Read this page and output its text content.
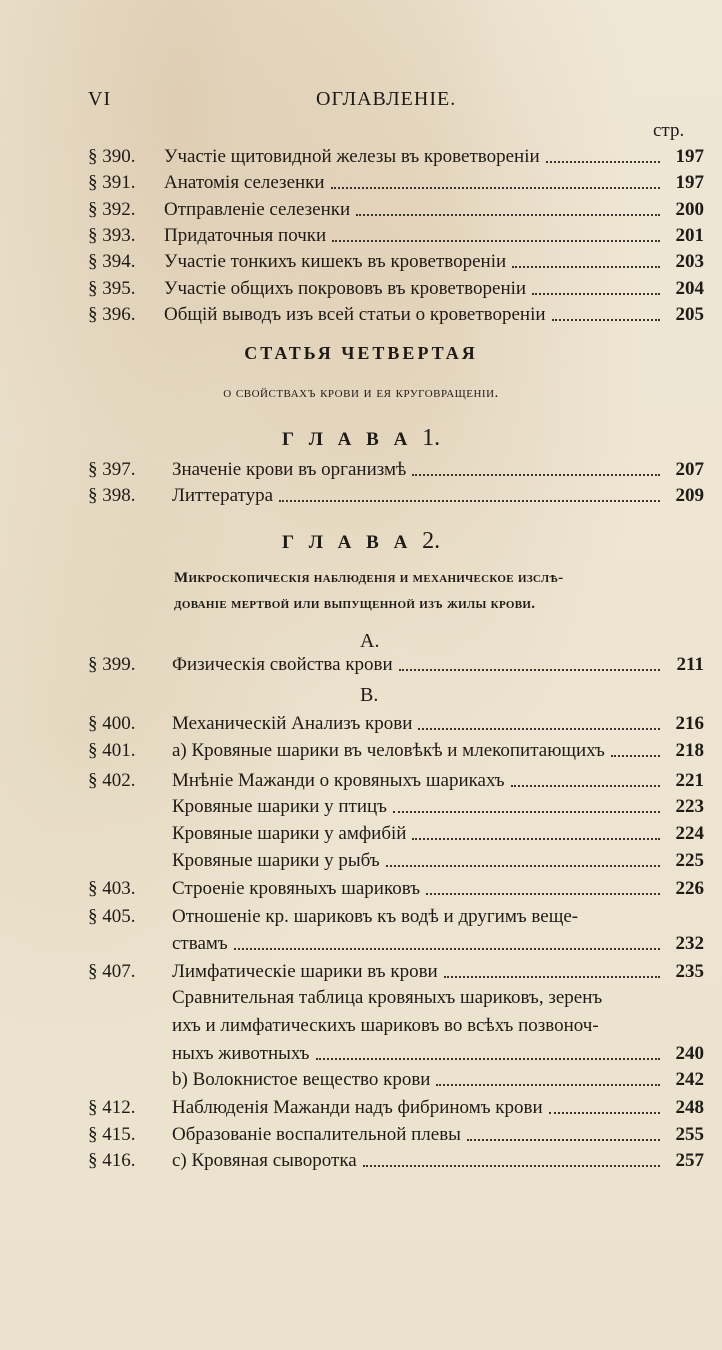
VI	ОГЛАВЛЕНІЕ.
стр.
§ 390. Участіе щитовидной железы въ кроветвореніи	197
§ 391. Анатомія селезенки	197
§ 392. Отправленіе селезенки	200
§ 393. Придаточныя почки	201
§ 394. Участіе тонкихъ кишекъ въ кроветвореніи	203
§ 395. Участіе общихъ покрововъ въ кроветвореніи	204
§ 396. Общій выводъ изъ всей статьи о кроветвореніи	205
СТАТЬЯ ЧЕТВЕРТАЯ
о свойствахъ крови и ея круговращеніи.
Г Л А В А 1.
§ 397. Значеніе крови въ организмѣ	207
§ 398. Литтература	209
Г Л А В А 2.
Микроскопическія наблюденія и механическое изслѣ-
дованіе мертвой или выпущенной изъ жилы крови.
А.
§ 399. Физическія свойства крови	211
B.
§ 400. Механическій Анализъ крови	216
§ 401. а) Кровяные шарики въ человѣкѣ и млекопитающихъ	218
§ 402. Мнѣніе Мажанди о кровяныхъ шарикахъ	221
Кровяные шарики у птицъ	223
Кровяные шарики у амфибій	224
Кровяные шарики у рыбъ	225
§ 403. Строеніе кровяныхъ шариковъ	226
§ 405. Отношеніе кр. шариковъ къ водѣ и другимъ веще-
ствамъ	232
§ 407. Лимфатическіе шарики въ крови	235
Сравнительная таблица кровяныхъ шариковъ, зеренъ
ихъ и лимфатическихъ шариковъ во всѣхъ позвоноч-
ныхъ животныхъ	240
b) Волокнистое вещество крови	242
§ 412. Наблюденія Мажанди надъ фибриномъ крови	248
§ 415. Образованіе воспалительной плевы	255
§ 416. с) Кровяная сыворотка	257
